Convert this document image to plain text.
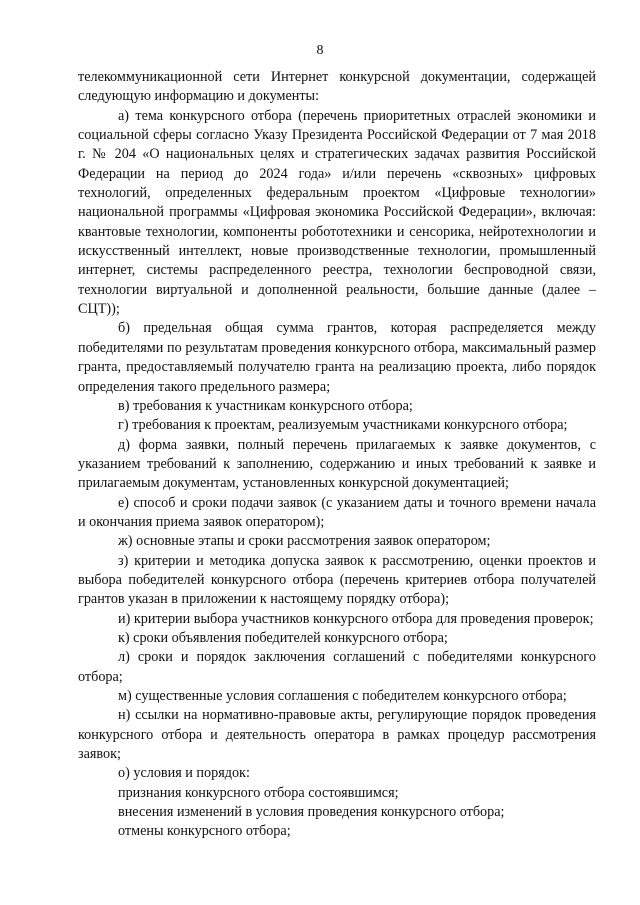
8

телекоммуникационной сети Интернет конкурсной документации, содержащей следующую информацию и документы:

а) тема конкурсного отбора (перечень приоритетных отраслей экономики и социальной сферы согласно Указу Президента Российской Федерации от 7 мая 2018 г. № 204 «О национальных целях и стратегических задачах развития Российской Федерации на период до 2024 года» и/или перечень «сквозных» цифровых технологий, определенных федеральным проектом «Цифровые технологии» национальной программы «Цифровая экономика Российской Федерации», включая: квантовые технологии, компоненты робототехники и сенсорика, нейротехнологии и искусственный интеллект, новые производственные технологии, промышленный интернет, системы распределенного реестра, технологии беспроводной связи, технологии виртуальной и дополненной реальности, большие данные (далее – СЦТ));

б) предельная общая сумма грантов, которая распределяется между победителями по результатам проведения конкурсного отбора, максимальный размер гранта, предоставляемый получателю гранта на реализацию проекта, либо порядок определения такого предельного размера;

в) требования к участникам конкурсного отбора;

г) требования к проектам, реализуемым участниками конкурсного отбора;

д) форма заявки, полный перечень прилагаемых к заявке документов, с указанием требований к заполнению, содержанию и иных требований к заявке и прилагаемым документам, установленных конкурсной документацией;

е) способ и сроки подачи заявок (с указанием даты и точного времени начала и окончания приема заявок оператором);

ж) основные этапы и сроки рассмотрения заявок оператором;

з) критерии и методика допуска заявок к рассмотрению, оценки проектов и выбора победителей конкурсного отбора (перечень критериев отбора получателей грантов указан в приложении к настоящему порядку отбора);

и) критерии выбора участников конкурсного отбора для проведения проверок;

к) сроки объявления победителей конкурсного отбора;

л) сроки и порядок заключения соглашений с победителями конкурсного отбора;

м) существенные условия соглашения с победителем конкурсного отбора;

н) ссылки на нормативно-правовые акты, регулирующие порядок проведения конкурсного отбора и деятельность оператора в рамках процедур рассмотрения заявок;

о) условия и порядок:

признания конкурсного отбора состоявшимся;

внесения изменений в условия проведения конкурсного отбора;

отмены конкурсного отбора;
